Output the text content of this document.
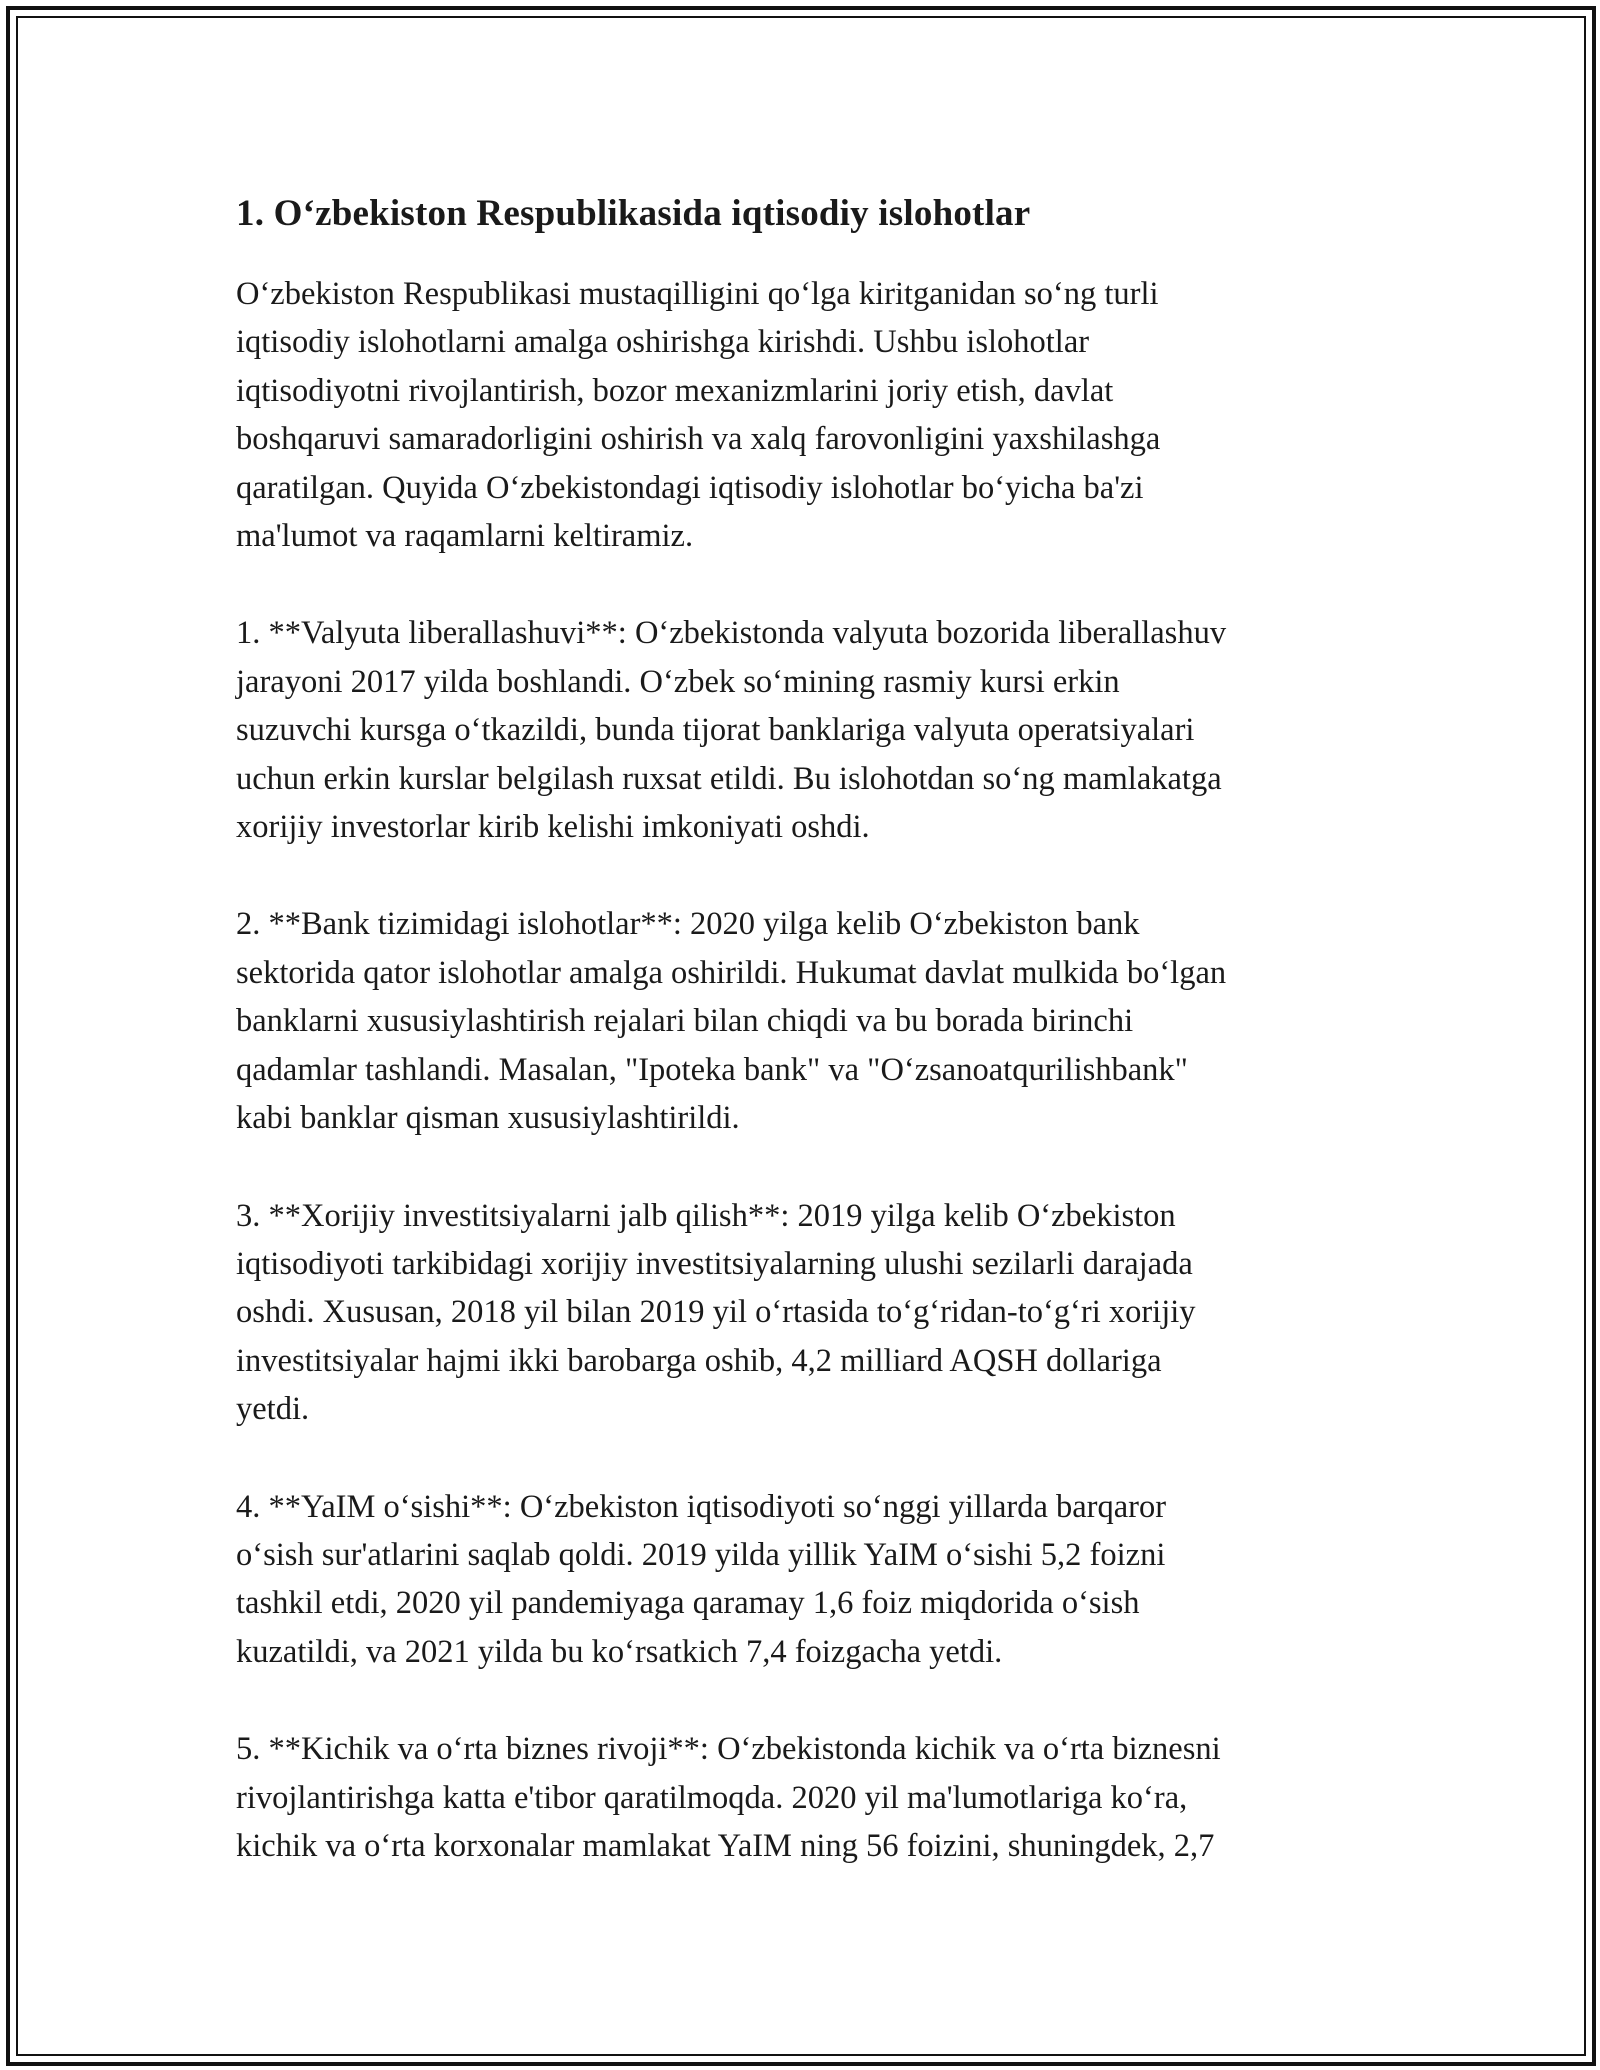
1. Oʻzbekiston Respublikasida iqtisodiy islohotlar

Oʻzbekiston Respublikasi mustaqilligini qoʻlga kiritganidan soʻng turli
iqtisodiy islohotlarni amalga oshirishga kirishdi. Ushbu islohotlar
iqtisodiyotni rivojlantirish, bozor mexanizmlarini joriy etish, davlat
boshqaruvi samaradorligini oshirish va xalq farovonligini yaxshilashga
qaratilgan. Quyida Oʻzbekistondagi iqtisodiy islohotlar boʻyicha ba'zi
ma'lumot va raqamlarni keltiramiz.

1. **Valyuta liberallashuvi**: Oʻzbekistonda valyuta bozorida liberallashuv
jarayoni 2017 yilda boshlandi. Oʻzbek soʻmining rasmiy kursi erkin
suzuvchi kursga oʻtkazildi, bunda tijorat banklariga valyuta operatsiyalari
uchun erkin kurslar belgilash ruxsat etildi. Bu islohotdan soʻng mamlakatga
xorijiy investorlar kirib kelishi imkoniyati oshdi.

2. **Bank tizimidagi islohotlar**: 2020 yilga kelib Oʻzbekiston bank
sektorida qator islohotlar amalga oshirildi. Hukumat davlat mulkida boʻlgan
banklarni xususiylashtirish rejalari bilan chiqdi va bu borada birinchi
qadamlar tashlandi. Masalan, "Ipoteka bank" va "Oʻzsanoatqurilishbank"
kabi banklar qisman xususiylashtirildi.

3. **Xorijiy investitsiyalarni jalb qilish**: 2019 yilga kelib Oʻzbekiston
iqtisodiyoti tarkibidagi xorijiy investitsiyalarning ulushi sezilarli darajada
oshdi. Xususan, 2018 yil bilan 2019 yil oʻrtasida toʻgʻridan-toʻgʻri xorijiy
investitsiyalar hajmi ikki barobarga oshib, 4,2 milliard AQSH dollariga
yetdi.

4. **YaIM oʻsishi**: Oʻzbekiston iqtisodiyoti soʻnggi yillarda barqaror
oʻsish sur'atlarini saqlab qoldi. 2019 yilda yillik YaIM oʻsishi 5,2 foizni
tashkil etdi, 2020 yil pandemiyaga qaramay 1,6 foiz miqdorida oʻsish
kuzatildi, va 2021 yilda bu koʻrsatkich 7,4 foizgacha yetdi.

5. **Kichik va oʻrta biznes rivoji**: Oʻzbekistonda kichik va oʻrta biznesni
rivojlantirishga katta e'tibor qaratilmoqda. 2020 yil ma'lumotlariga koʻra,
kichik va oʻrta korxonalar mamlakat YaIM ning 56 foizini, shuningdek, 2,7
